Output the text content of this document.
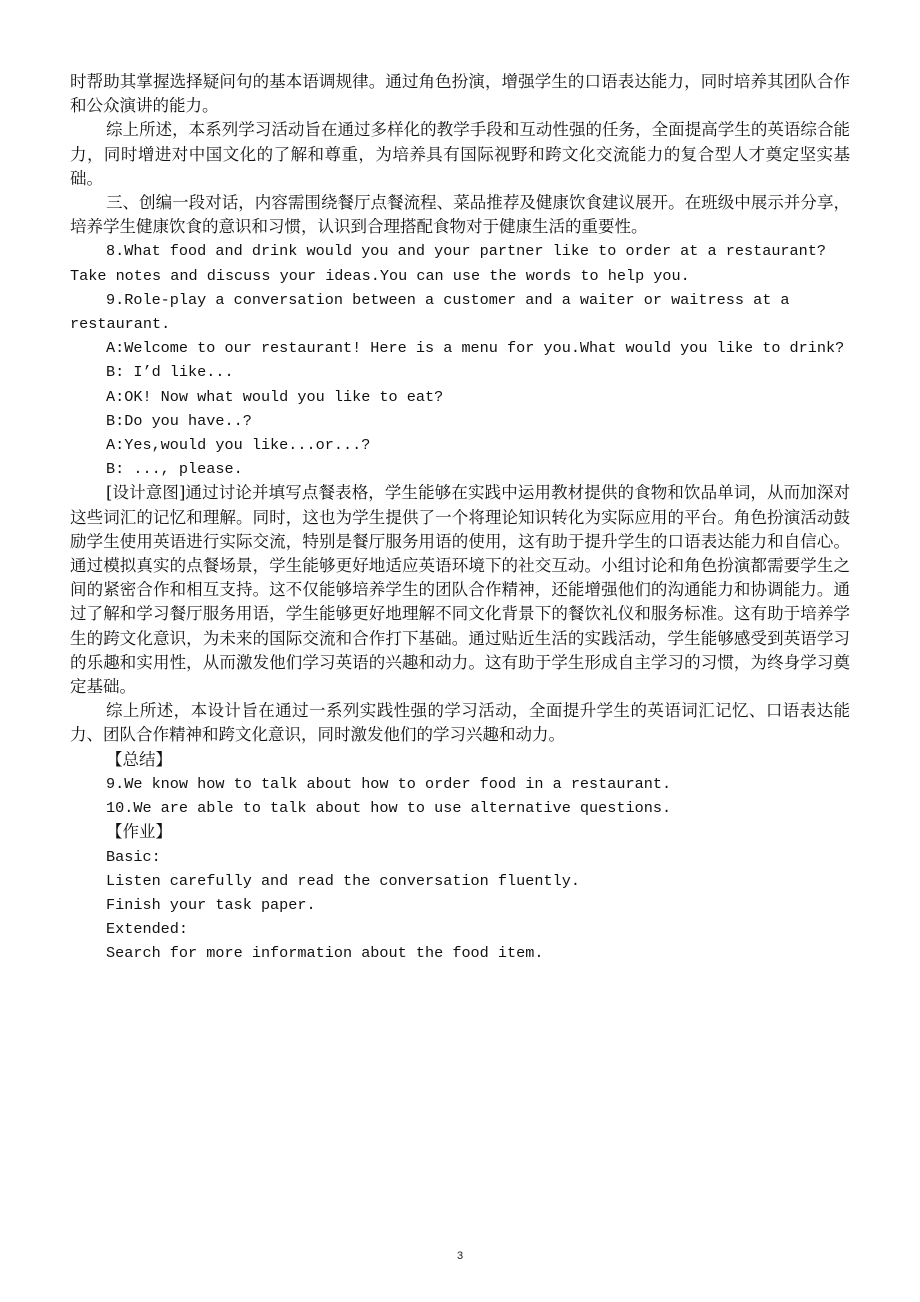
时帮助其掌握选择疑问句的基本语调规律。通过角色扮演，增强学生的口语表达能力，同时培养其团队合作和公众演讲的能力。

综上所述，本系列学习活动旨在通过多样化的教学手段和互动性强的任务，全面提高学生的英语综合能力，同时增进对中国文化的了解和尊重，为培养具有国际视野和跨文化交流能力的复合型人才奠定坚实基础。

三、创编一段对话，内容需围绕餐厅点餐流程、菜品推荐及健康饮食建议展开。在班级中展示并分享，培养学生健康饮食的意识和习惯，认识到合理搭配食物对于健康生活的重要性。

8.What food and drink would you and your partner like to order at a restaurant? Take notes and discuss your ideas.You can use the words to help you.

9.Role-play a conversation between a customer and a waiter or waitress at a restaurant.

A:Welcome to our restaurant! Here is a menu for you.What would you like to drink?

B: I’d like...

A:OK! Now what would you like to eat?

B:Do you have..?

A:Yes,would you like...or...?

B: ..., please.

[设计意图]通过讨论并填写点餐表格，学生能够在实践中运用教材提供的食物和饮品单词，从而加深对这些词汇的记忆和理解。同时，这也为学生提供了一个将理论知识转化为实际应用的平台。角色扮演活动鼓励学生使用英语进行实际交流，特别是餐厅服务用语的使用，这有助于提升学生的口语表达能力和自信心。通过模拟真实的点餐场景，学生能够更好地适应英语环境下的社交互动。小组讨论和角色扮演都需要学生之间的紧密合作和相互支持。这不仅能够培养学生的团队合作精神，还能增强他们的沟通能力和协调能力。通过了解和学习餐厅服务用语，学生能够更好地理解不同文化背景下的餐饮礼仪和服务标准。这有助于培养学生的跨文化意识，为未来的国际交流和合作打下基础。通过贴近生活的实践活动，学生能够感受到英语学习的乐趣和实用性，从而激发他们学习英语的兴趣和动力。这有助于学生形成自主学习的习惯，为终身学习奠定基础。

综上所述，本设计旨在通过一系列实践性强的学习活动，全面提升学生的英语词汇记忆、口语表达能力、团队合作精神和跨文化意识，同时激发他们的学习兴趣和动力。

【总结】

9.We know how to talk about how to order food in a restaurant.

10.We are able to talk about how to use alternative questions.

【作业】

Basic:

Listen carefully and read the conversation fluently.

Finish your task paper.

Extended:

Search for more information about the food item.

3
